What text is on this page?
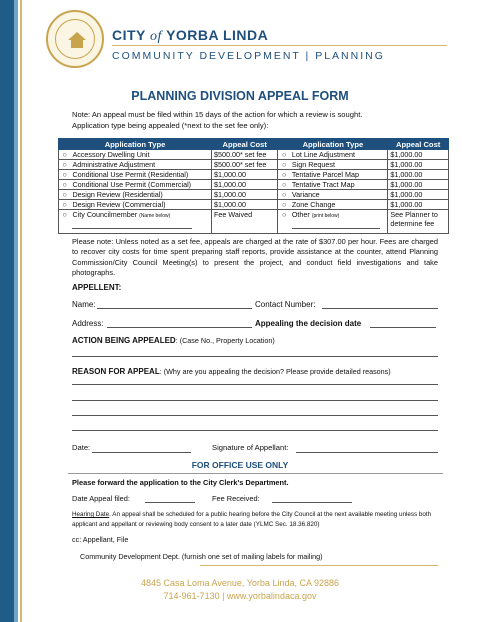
CITY of YORBA LINDA
COMMUNITY DEVELOPMENT | PLANNING
PLANNING DIVISION APPEAL FORM
Note: An appeal must be filed within 15 days of the action for which a review is sought.
Application type being appealed (*next to the set fee only):
Application Type		Appeal Cost	Application Type		Appeal Cost
○	Accessory Dwelling Unit	$500.00* set fee	○	Lot Line Adjustment	$1,000.00
○	Administrative Adjustment	$500.00* set fee	○	Sign Request	$1,000.00
○	Conditional Use Permit (Residential)	$1,000.00	○	Tentative Parcel Map	$1,000.00
○	Conditional Use Permit (Commercial)	$1,000.00	○	Tentative Tract Map	$1,000.00
○	Design Review (Residential)	$1,000.00	○	Variance	$1,000.00
○	Design Review (Commercial)	$1,000.00	○	Zone Change	$1,000.00
○	City Councilmember (Name below)	Fee Waived	○	Other (print below)	See Planner to
determine fee
Please note: Unless noted as a set fee, appeals are charged at the rate of $307.00 per hour. Fees are charged to recover city costs for time spent preparing staff reports, provide assistance at the counter, attend Planning Commission/City Council Meeting(s) to present the project, and conduct field investigations and take photographs.
APPELLENT:
Name:	Contact Number:
Address:	Appealing the decision date
ACTION BEING APPEALED: (Case No., Property Location)
REASON FOR APPEAL: (Why are you appealing the decision? Please provide detailed reasons)
Date:	Signature of Appellant:
FOR OFFICE USE ONLY
Please forward the application to the City Clerk's Department.
Date Appeal filed:	Fee Received:
Hearing Date. An appeal shall be scheduled for a public hearing before the City Council at the next available meeting unless both applicant and appellant or reviewing body consent to a later date (YLMC Sec. 18.36.820)
cc: Appellant, File
Community Development Dept. (furnish one set of mailing labels for mailing)
4845 Casa Loma Avenue, Yorba Linda, CA 92886
714-961-7130 | www.yorbalindaca.gov
